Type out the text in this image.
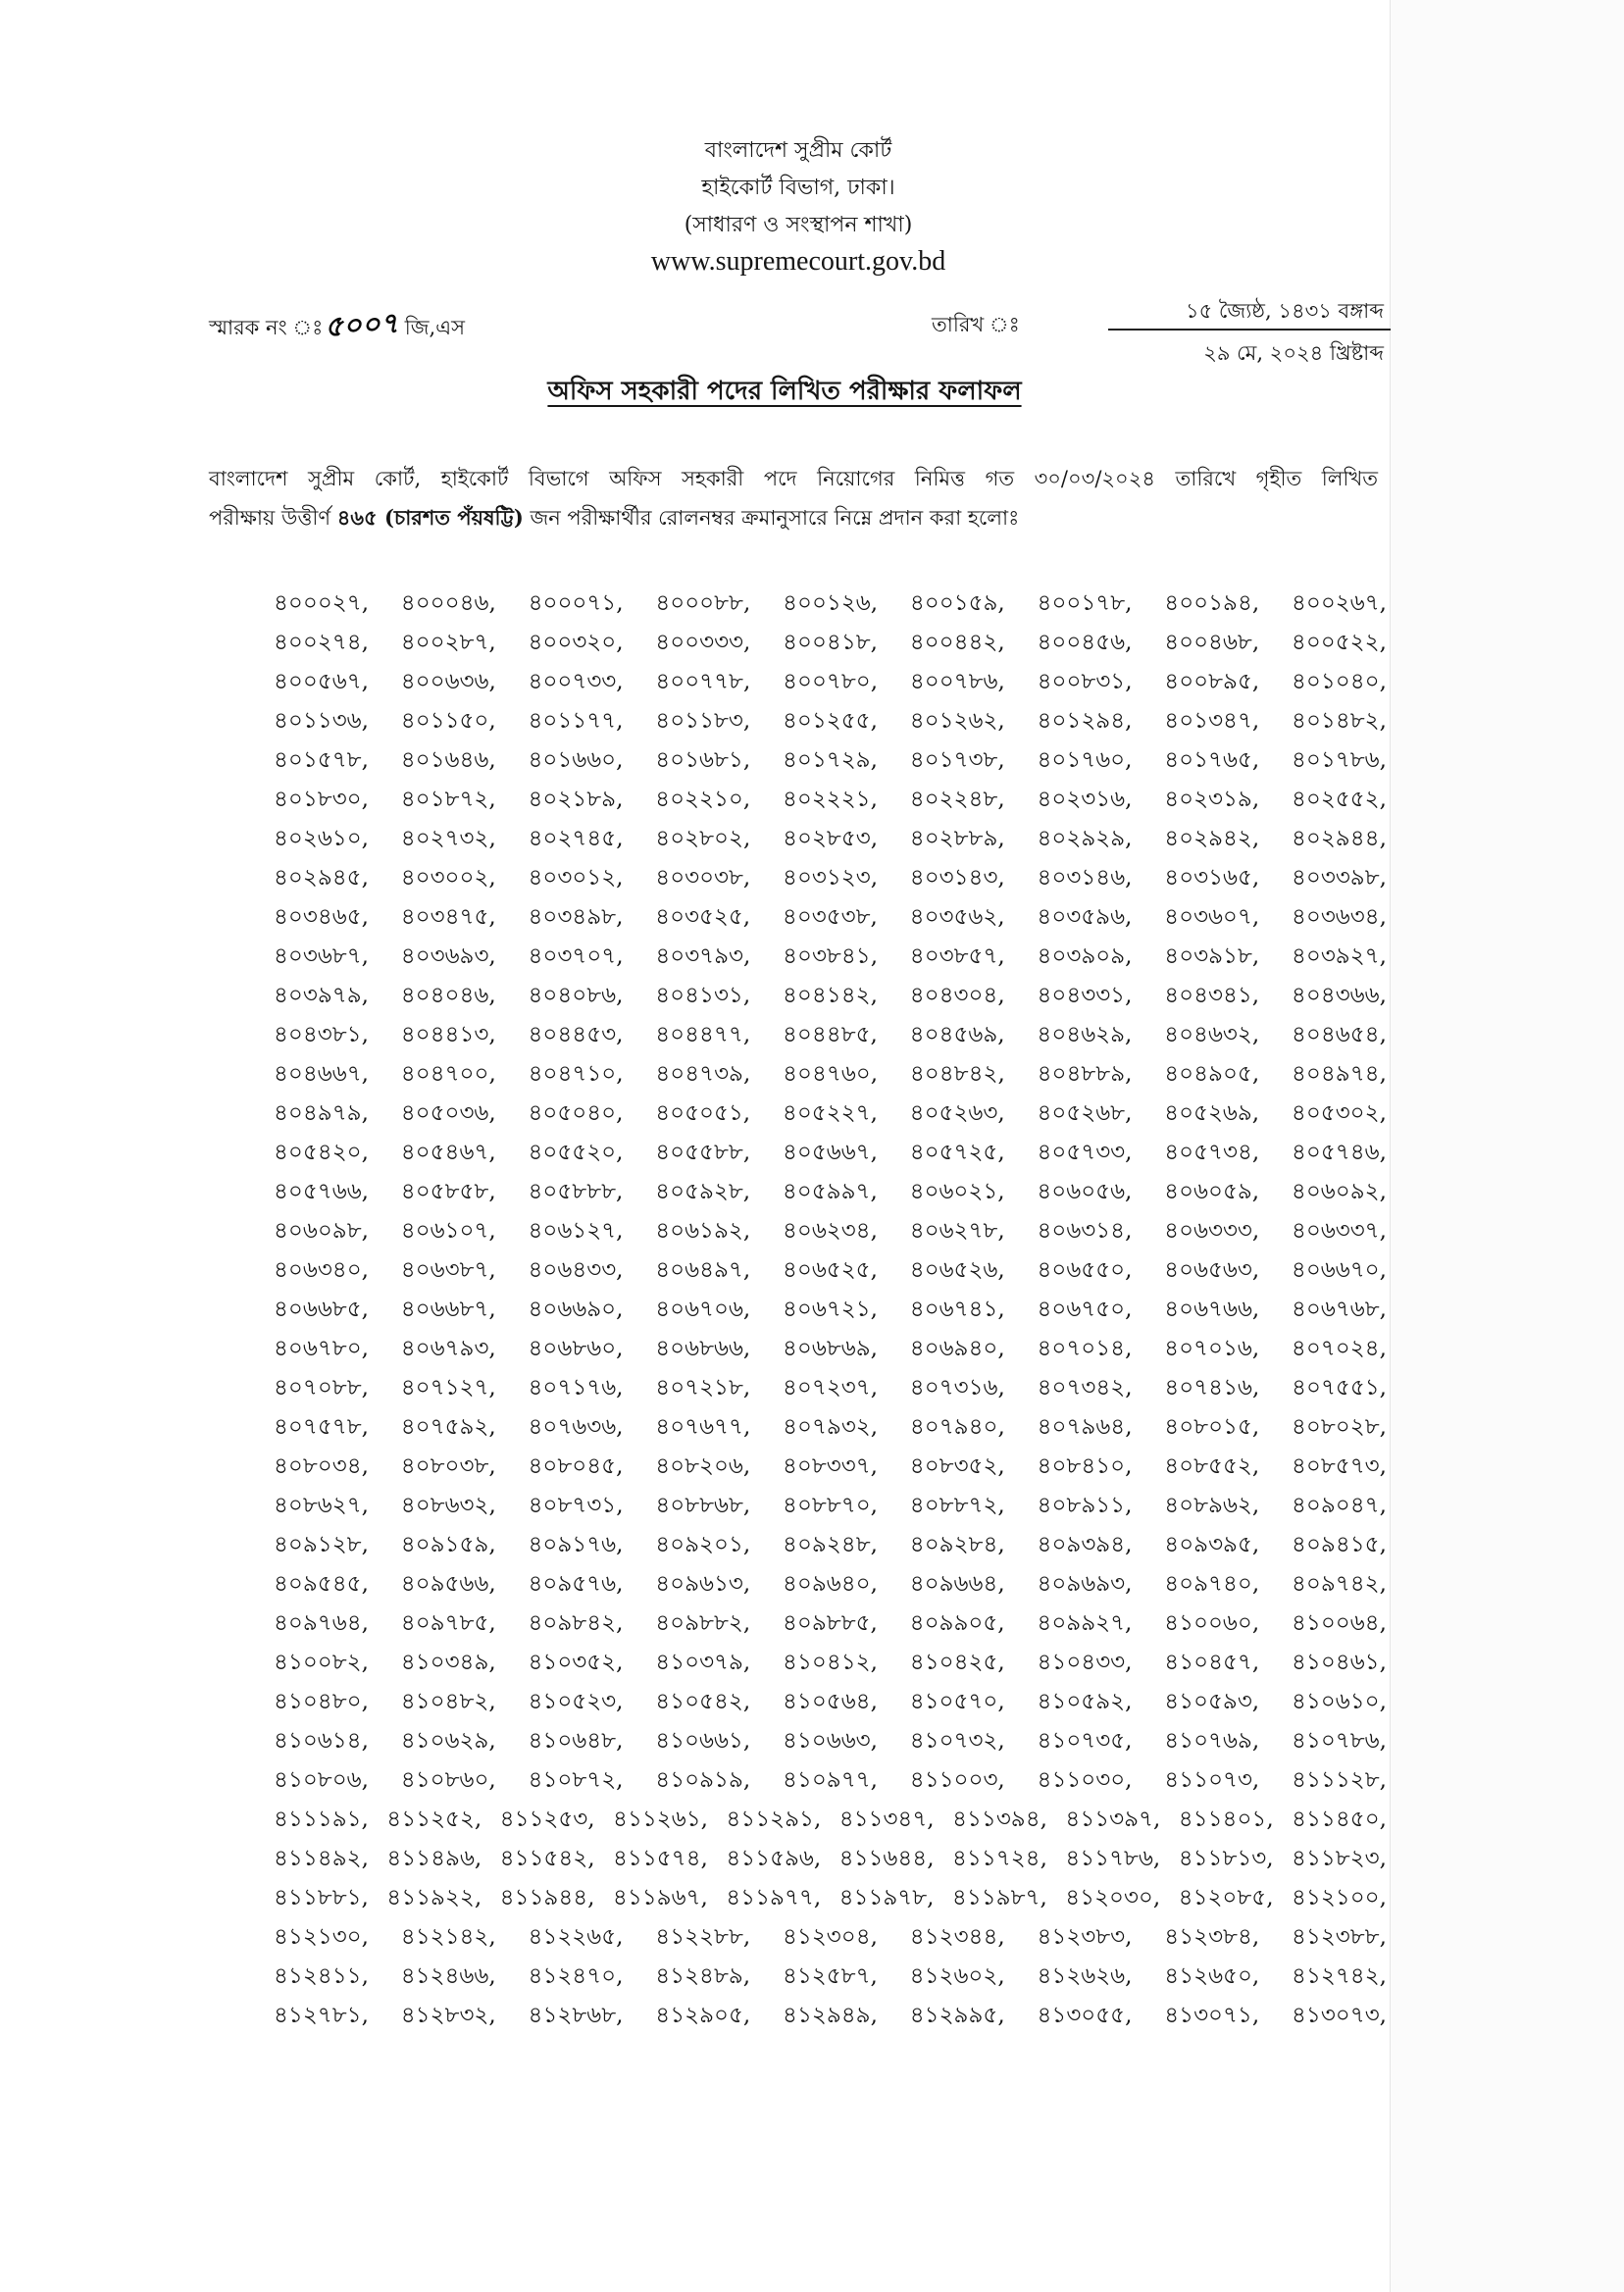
বাংলাদেশ সুপ্রীম কোর্ট
হাইকোর্ট বিভাগ, ঢাকা।
(সাধারণ ও সংস্থাপন শাখা)
www.supremecourt.gov.bd
স্মারক নং ঃ৫০০৭ জি,এস	তারিখ ঃ
১৫ জ্যৈষ্ঠ, ১৪৩১ বঙ্গাব্দ
২৯ মে, ২০২৪ খ্রিষ্টাব্দ
অফিস সহকারী পদের লিখিত পরীক্ষার ফলাফল
বাংলাদেশ সুপ্রীম কোর্ট, হাইকোর্ট বিভাগে অফিস সহকারী পদে নিয়োগের নিমিত্ত গত ৩০/০৩/২০২৪ তারিখে গৃহীত লিখিত
পরীক্ষায় উত্তীর্ণ ৪৬৫ (চারশত পঁয়ষট্টি) জন পরীক্ষার্থীর রোলনম্বর ক্রমানুসারে নিম্নে প্রদান করা হলোঃ
৪০০০২৭, ৪০০০৪৬, ৪০০০৭১, ৪০০০৮৮, ৪০০১২৬, ৪০০১৫৯, ৪০০১৭৮, ৪০০১৯৪, ৪০০২৬৭,
৪০০২৭৪, ৪০০২৮৭, ৪০০৩২০, ৪০০৩৩৩, ৪০০৪১৮, ৪০০৪৪২, ৪০০৪৫৬, ৪০০৪৬৮, ৪০০৫২২,
৪০০৫৬৭, ৪০০৬৩৬, ৪০০৭৩৩, ৪০০৭৭৮, ৪০০৭৮০, ৪০০৭৮৬, ৪০০৮৩১, ৪০০৮৯৫, ৪০১০৪০,
৪০১১৩৬, ৪০১১৫০, ৪০১১৭৭, ৪০১১৮৩, ৪০১২৫৫, ৪০১২৬২, ৪০১২৯৪, ৪০১৩৪৭, ৪০১৪৮২,
৪০১৫৭৮, ৪০১৬৪৬, ৪০১৬৬০, ৪০১৬৮১, ৪০১৭২৯, ৪০১৭৩৮, ৪০১৭৬০, ৪০১৭৬৫, ৪০১৭৮৬,
৪০১৮৩০, ৪০১৮৭২, ৪০২১৮৯, ৪০২২১০, ৪০২২২১, ৪০২২৪৮, ৪০২৩১৬, ৪০২৩১৯, ৪০২৫৫২,
৪০২৬১০, ৪০২৭৩২, ৪০২৭৪৫, ৪০২৮০২, ৪০২৮৫৩, ৪০২৮৮৯, ৪০২৯২৯, ৪০২৯৪২, ৪০২৯৪৪,
৪০২৯৪৫, ৪০৩০০২, ৪০৩০১২, ৪০৩০৩৮, ৪০৩১২৩, ৪০৩১৪৩, ৪০৩১৪৬, ৪০৩১৬৫, ৪০৩৩৯৮,
৪০৩৪৬৫, ৪০৩৪৭৫, ৪০৩৪৯৮, ৪০৩৫২৫, ৪০৩৫৩৮, ৪০৩৫৬২, ৪০৩৫৯৬, ৪০৩৬০৭, ৪০৩৬৩৪,
৪০৩৬৮৭, ৪০৩৬৯৩, ৪০৩৭০৭, ৪০৩৭৯৩, ৪০৩৮৪১, ৪০৩৮৫৭, ৪০৩৯০৯, ৪০৩৯১৮, ৪০৩৯২৭,
৪০৩৯৭৯, ৪০৪০৪৬, ৪০৪০৮৬, ৪০৪১৩১, ৪০৪১৪২, ৪০৪৩০৪, ৪০৪৩৩১, ৪০৪৩৪১, ৪০৪৩৬৬,
৪০৪৩৮১, ৪০৪৪১৩, ৪০৪৪৫৩, ৪০৪৪৭৭, ৪০৪৪৮৫, ৪০৪৫৬৯, ৪০৪৬২৯, ৪০৪৬৩২, ৪০৪৬৫৪,
৪০৪৬৬৭, ৪০৪৭০০, ৪০৪৭১০, ৪০৪৭৩৯, ৪০৪৭৬০, ৪০৪৮৪২, ৪০৪৮৮৯, ৪০৪৯০৫, ৪০৪৯৭৪,
৪০৪৯৭৯, ৪০৫০৩৬, ৪০৫০৪০, ৪০৫০৫১, ৪০৫২২৭, ৪০৫২৬৩, ৪০৫২৬৮, ৪০৫২৬৯, ৪০৫৩০২,
৪০৫৪২০, ৪০৫৪৬৭, ৪০৫৫২০, ৪০৫৫৮৮, ৪০৫৬৬৭, ৪০৫৭২৫, ৪০৫৭৩৩, ৪০৫৭৩৪, ৪০৫৭৪৬,
৪০৫৭৬৬, ৪০৫৮৫৮, ৪০৫৮৮৮, ৪০৫৯২৮, ৪০৫৯৯৭, ৪০৬০২১, ৪০৬০৫৬, ৪০৬০৫৯, ৪০৬০৯২,
৪০৬০৯৮, ৪০৬১০৭, ৪০৬১২৭, ৪০৬১৯২, ৪০৬২৩৪, ৪০৬২৭৮, ৪০৬৩১৪, ৪০৬৩৩৩, ৪০৬৩৩৭,
৪০৬৩৪০, ৪০৬৩৮৭, ৪০৬৪৩৩, ৪০৬৪৯৭, ৪০৬৫২৫, ৪০৬৫২৬, ৪০৬৫৫০, ৪০৬৫৬৩, ৪০৬৬৭০,
৪০৬৬৮৫, ৪০৬৬৮৭, ৪০৬৬৯০, ৪০৬৭০৬, ৪০৬৭২১, ৪০৬৭৪১, ৪০৬৭৫০, ৪০৬৭৬৬, ৪০৬৭৬৮,
৪০৬৭৮০, ৪০৬৭৯৩, ৪০৬৮৬০, ৪০৬৮৬৬, ৪০৬৮৬৯, ৪০৬৯৪০, ৪০৭০১৪, ৪০৭০১৬, ৪০৭০২৪,
৪০৭০৮৮, ৪০৭১২৭, ৪০৭১৭৬, ৪০৭২১৮, ৪০৭২৩৭, ৪০৭৩১৬, ৪০৭৩৪২, ৪০৭৪১৬, ৪০৭৫৫১,
৪০৭৫৭৮, ৪০৭৫৯২, ৪০৭৬৩৬, ৪০৭৬৭৭, ৪০৭৯৩২, ৪০৭৯৪০, ৪০৭৯৬৪, ৪০৮০১৫, ৪০৮০২৮,
৪০৮০৩৪, ৪০৮০৩৮, ৪০৮০৪৫, ৪০৮২০৬, ৪০৮৩৩৭, ৪০৮৩৫২, ৪০৮৪১০, ৪০৮৫৫২, ৪০৮৫৭৩,
৪০৮৬২৭, ৪০৮৬৩২, ৪০৮৭৩১, ৪০৮৮৬৮, ৪০৮৮৭০, ৪০৮৮৭২, ৪০৮৯১১, ৪০৮৯৬২, ৪০৯০৪৭,
৪০৯১২৮, ৪০৯১৫৯, ৪০৯১৭৬, ৪০৯২০১, ৪০৯২৪৮, ৪০৯২৮৪, ৪০৯৩৯৪, ৪০৯৩৯৫, ৪০৯৪১৫,
৪০৯৫৪৫, ৪০৯৫৬৬, ৪০৯৫৭৬, ৪০৯৬১৩, ৪০৯৬৪০, ৪০৯৬৬৪, ৪০৯৬৯৩, ৪০৯৭৪০, ৪০৯৭৪২,
৪০৯৭৬৪, ৪০৯৭৮৫, ৪০৯৮৪২, ৪০৯৮৮২, ৪০৯৮৮৫, ৪০৯৯০৫, ৪০৯৯২৭, ৪১০০৬০, ৪১০০৬৪,
৪১০০৮২, ৪১০৩৪৯, ৪১০৩৫২, ৪১০৩৭৯, ৪১০৪১২, ৪১০৪২৫, ৪১০৪৩৩, ৪১০৪৫৭, ৪১০৪৬১,
৪১০৪৮০, ৪১০৪৮২, ৪১০৫২৩, ৪১০৫৪২, ৪১০৫৬৪, ৪১০৫৭০, ৪১০৫৯২, ৪১০৫৯৩, ৪১০৬১০,
৪১০৬১৪, ৪১০৬২৯, ৪১০৬৪৮, ৪১০৬৬১, ৪১০৬৬৩, ৪১০৭৩২, ৪১০৭৩৫, ৪১০৭৬৯, ৪১০৭৮৬,
৪১০৮০৬, ৪১০৮৬০, ৪১০৮৭২, ৪১০৯১৯, ৪১০৯৭৭, ৪১১০০৩, ৪১১০৩০, ৪১১০৭৩, ৪১১১২৮,
৪১১১৯১, ৪১১২৫২, ৪১১২৫৩, ৪১১২৬১, ৪১১২৯১, ৪১১৩৪৭, ৪১১৩৯৪, ৪১১৩৯৭, ৪১১৪০১, ৪১১৪৫০,
৪১১৪৯২, ৪১১৪৯৬, ৪১১৫৪২, ৪১১৫৭৪, ৪১১৫৯৬, ৪১১৬৪৪, ৪১১৭২৪, ৪১১৭৮৬, ৪১১৮১৩, ৪১১৮২৩,
৪১১৮৮১, ৪১১৯২২, ৪১১৯৪৪, ৪১১৯৬৭, ৪১১৯৭৭, ৪১১৯৭৮, ৪১১৯৮৭, ৪১২০৩০, ৪১২০৮৫, ৪১২১০০,
৪১২১৩০, ৪১২১৪২, ৪১২২৬৫, ৪১২২৮৮, ৪১২৩০৪, ৪১২৩৪৪, ৪১২৩৮৩, ৪১২৩৮৪, ৪১২৩৮৮,
৪১২৪১১, ৪১২৪৬৬, ৪১২৪৭০, ৪১২৪৮৯, ৪১২৫৮৭, ৪১২৬০২, ৪১২৬২৬, ৪১২৬৫০, ৪১২৭৪২,
৪১২৭৮১, ৪১২৮৩২, ৪১২৮৬৮, ৪১২৯০৫, ৪১২৯৪৯, ৪১২৯৯৫, ৪১৩০৫৫, ৪১৩০৭১, ৪১৩০৭৩,
